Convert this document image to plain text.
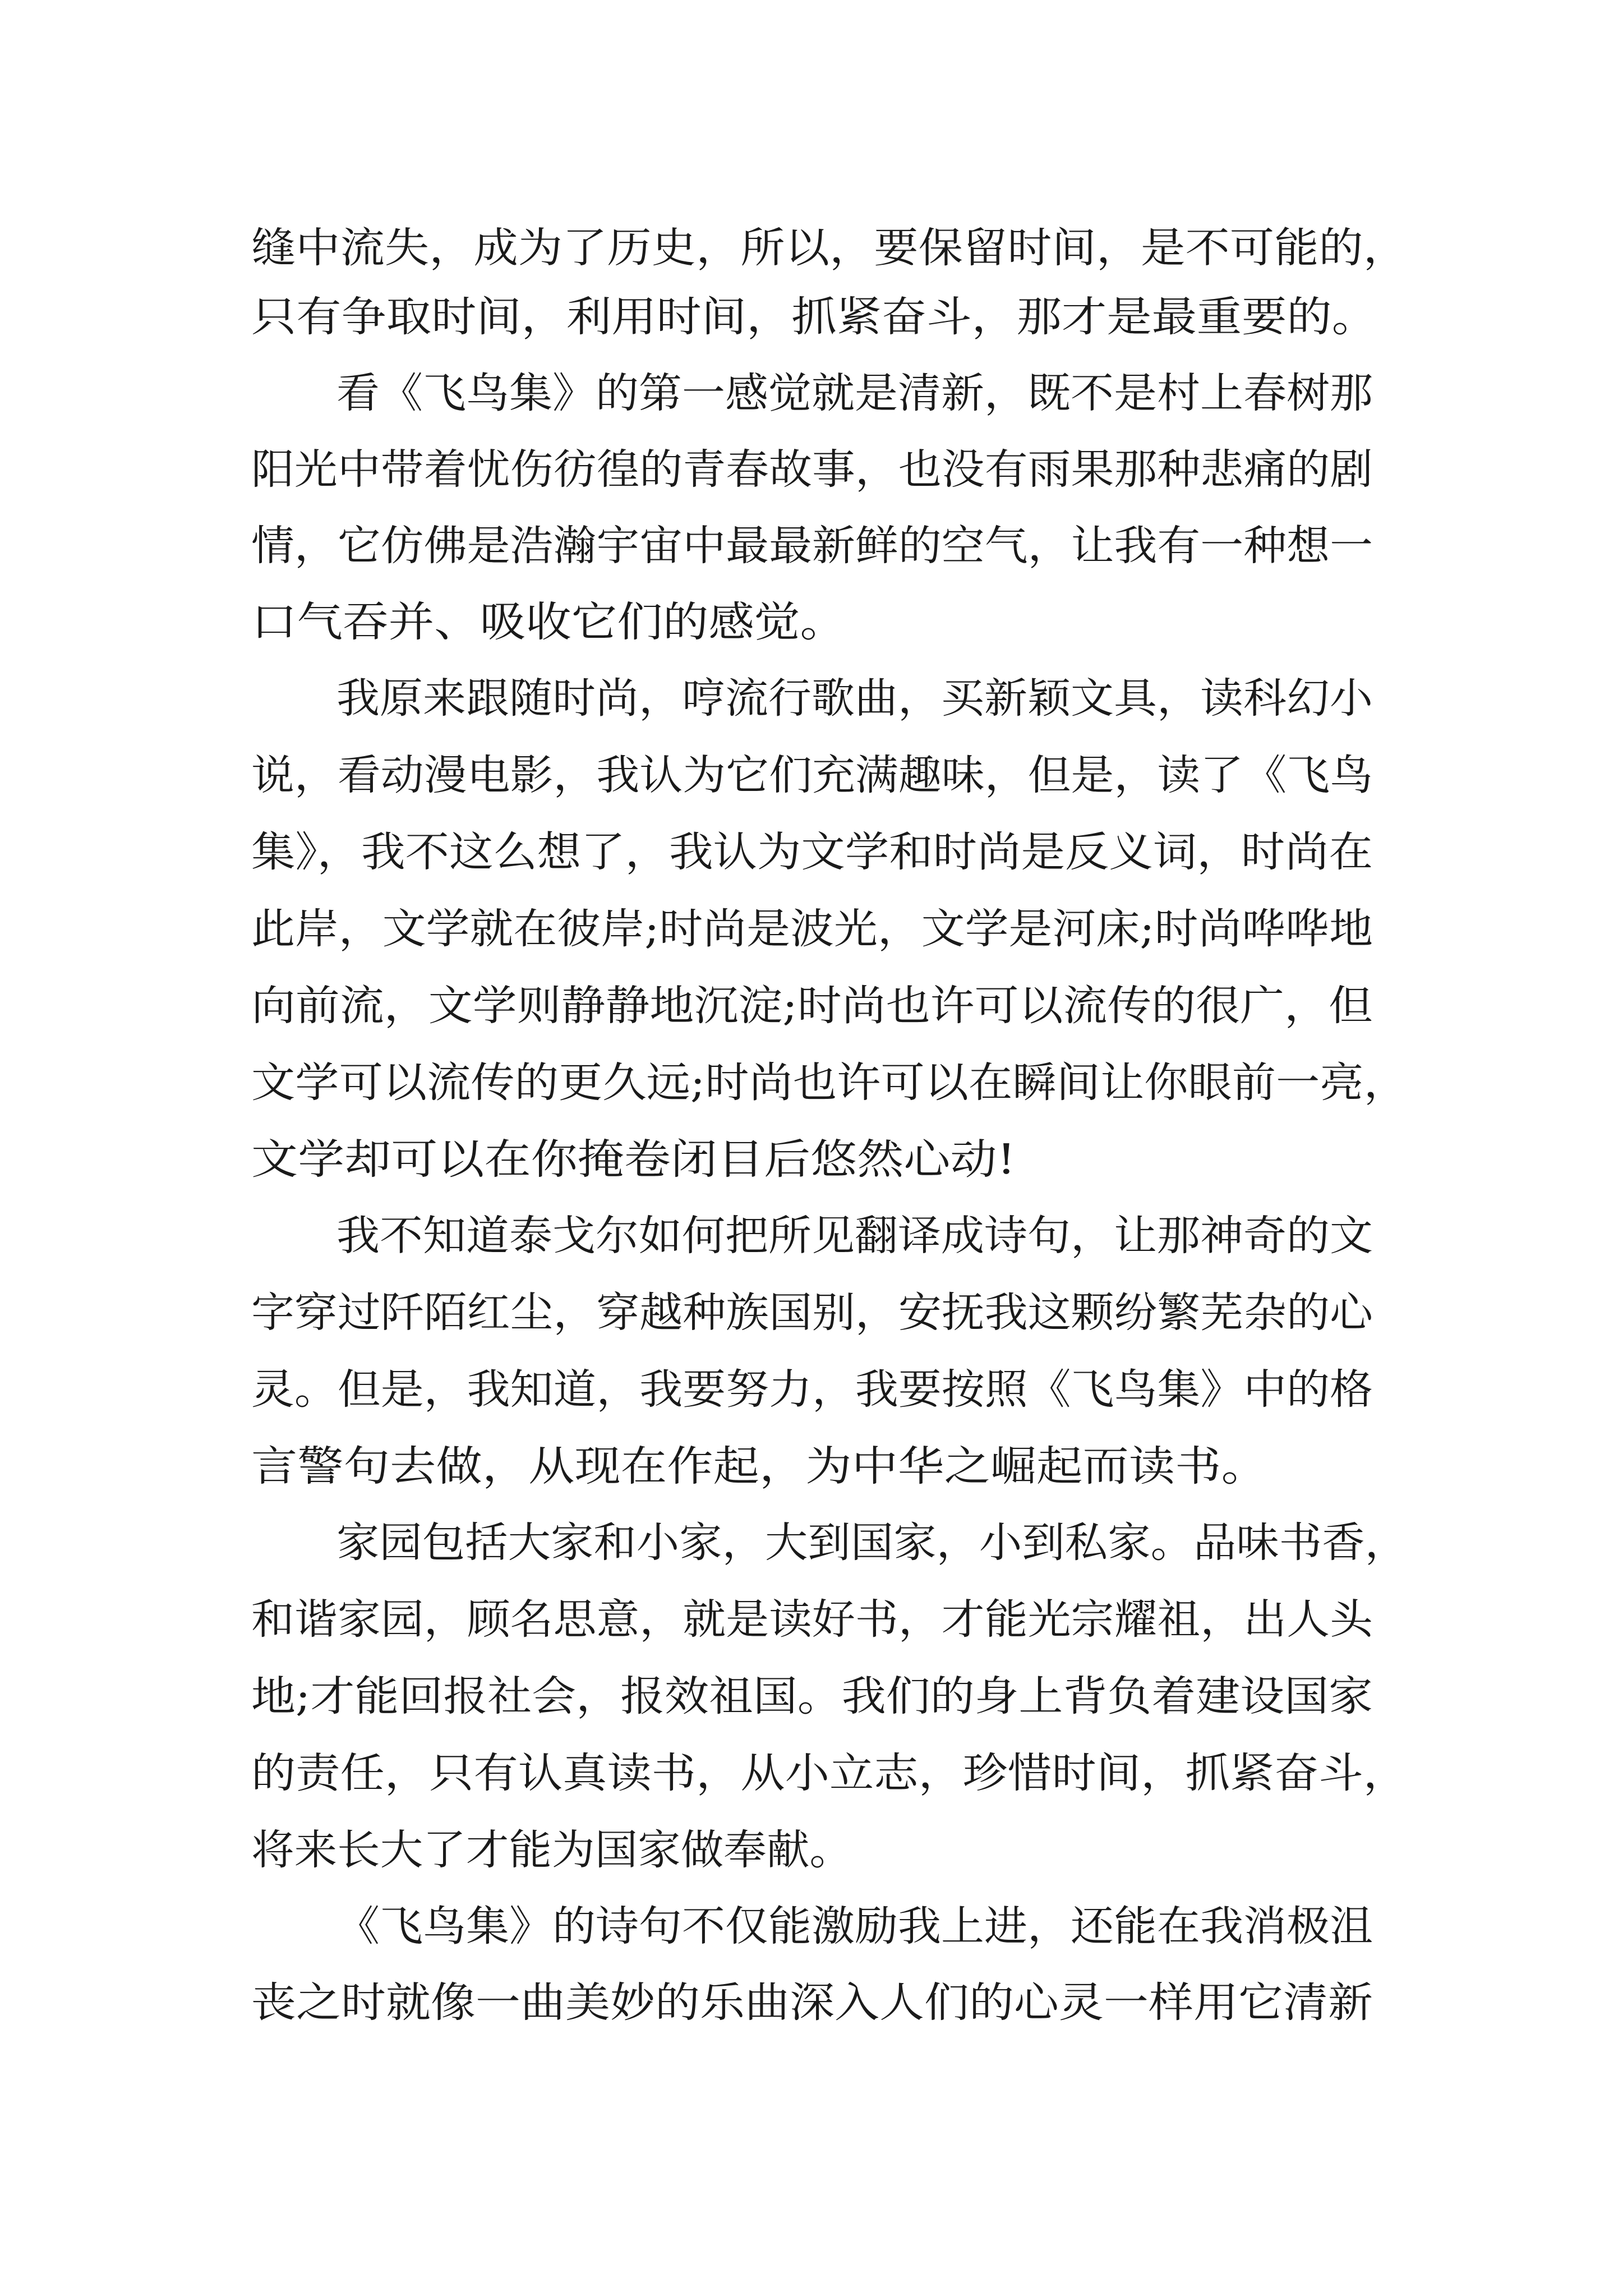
缝中流失，成为了历史，所以，要保留时间，是不可能的，

只有争取时间，利用时间，抓紧奋斗，那才是最重要的。

看《飞鸟集》的第一感觉就是清新，既不是村上春树那

阳光中带着忧伤彷徨的青春故事，也没有雨果那种悲痛的剧

情，它仿佛是浩瀚宇宙中最最新鲜的空气，让我有一种想一

口气吞并、吸收它们的感觉。

我原来跟随时尚，哼流行歌曲，买新颖文具，读科幻小

说，看动漫电影，我认为它们充满趣味，但是，读了《飞鸟

集》，我不这么想了，我认为文学和时尚是反义词，时尚在

此岸，文学就在彼岸;时尚是波光，文学是河床;时尚哗哗地

向前流，文学则静静地沉淀;时尚也许可以流传的很广，但

文学可以流传的更久远;时尚也许可以在瞬间让你眼前一亮，

文学却可以在你掩卷闭目后悠然心动!

我不知道泰戈尔如何把所见翻译成诗句，让那神奇的文

字穿过阡陌红尘，穿越种族国别，安抚我这颗纷繁芜杂的心

灵。但是，我知道，我要努力，我要按照《飞鸟集》中的格

言警句去做，从现在作起，为中华之崛起而读书。

家园包括大家和小家，大到国家，小到私家。品味书香，

和谐家园，顾名思意，就是读好书，才能光宗耀祖，出人头

地;才能回报社会，报效祖国。我们的身上背负着建设国家

的责任，只有认真读书，从小立志，珍惜时间，抓紧奋斗，

将来长大了才能为国家做奉献。

《飞鸟集》的诗句不仅能激励我上进，还能在我消极沮

丧之时就像一曲美妙的乐曲深入人们的心灵一样用它清新
